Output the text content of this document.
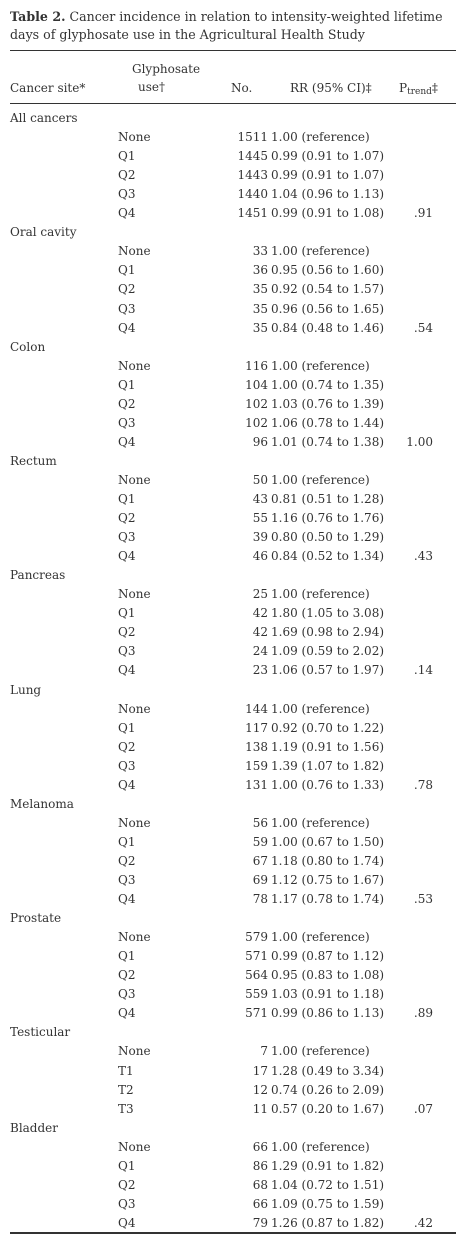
Table 2. Cancer incidence in relation to intensity-weighted lifetime days of glyphosate use in the Agricultural Health Study
Glyphosate
Cancer site*	use†	No.	RR (95% CI)‡ $P_{trend}\ddagger$
All cancers
None	1511 1.00 (reference)
Q1	1445 0.99 (0.91 to 1.07)
Q2	1443 0.99 (0.91 to 1.07)
Q3	1440 1.04 (0.96 to 1.13)
Q4	1451 0.99 (0.91 to 1.08) .91
Oral cavity
None	33 1.00 (reference)
Q1	36 0.95 (0.56 to 1.60)
Q2	35 0.92 (0.54 to 1.57)
Q3	35 0.96 (0.56 to 1.65)
Q4	35 0.84 (0.48 to 1.46) .54
Colon
None	116 1.00 (reference)
Q1	104 1.00 (0.74 to 1.35)
Q2	102 1.03 (0.76 to 1.39)
Q3	102 1.06 (0.78 to 1.44)
Q4	96 1.01 (0.74 to 1.38) 1.00
Rectum
None	50 1.00 (reference)
Q1	43 0.81 (0.51 to 1.28)
Q2	55 1.16 (0.76 to 1.76)
Q3	39 0.80 (0.50 to 1.29)
Q4	46 0.84 (0.52 to 1.34) .43
Pancreas
None	25 1.00 (reference)
Q1	42 1.80 (1.05 to 3.08)
Q2	42 1.69 (0.98 to 2.94)
Q3	24 1.09 (0.59 to 2.02)
Q4	23 1.06 (0.57 to 1.97) .14
Lung
None	144 1.00 (reference)
Q1	117 0.92 (0.70 to 1.22)
Q2	138 1.19 (0.91 to 1.56)
Q3	159 1.39 (1.07 to 1.82)
Q4	131 1.00 (0.76 to 1.33) .78
Melanoma
None	56 1.00 (reference)
Q1	59 1.00 (0.67 to 1.50)
Q2	67 1.18 (0.80 to 1.74)
Q3	69 1.12 (0.75 to 1.67)
Q4	78 1.17 (0.78 to 1.74) .53
Prostate
None	579 1.00 (reference)
Q1	571 0.99 (0.87 to 1.12)
Q2	564 0.95 (0.83 to 1.08)
Q3	559 1.03 (0.91 to 1.18)
Q4	571 0.99 (0.86 to 1.13) .89
Testicular
None	7 1.00 (reference)
T1	17 1.28 (0.49 to 3.34)
T2	12 0.74 (0.26 to 2.09)
T3	11 0.57 (0.20 to 1.67) .07
Bladder
None	66 1.00 (reference)
Q1	86 1.29 (0.91 to 1.82)
Q2	68 1.04 (0.72 to 1.51)
Q3	66 1.09 (0.75 to 1.59)
Q4	79 1.26 (0.87 to 1.82) .42
